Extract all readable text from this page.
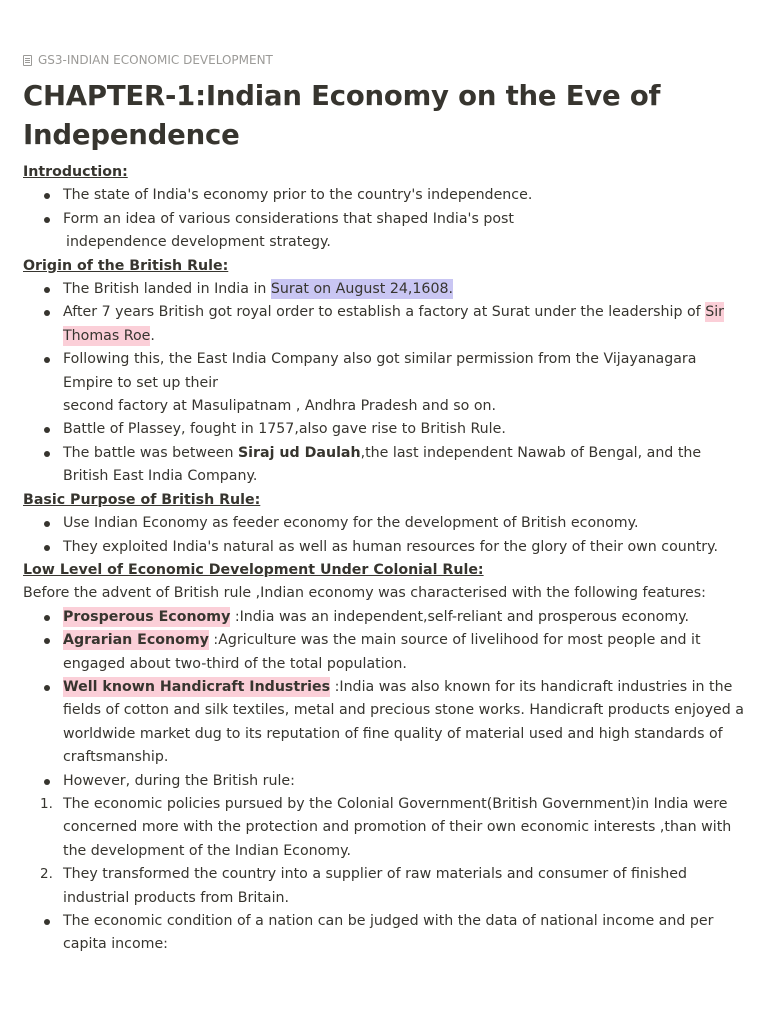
GS3-INDIAN ECONOMIC DEVELOPMENT
CHAPTER-1:Indian Economy on the Eve of Independence

Introduction:

The state of India's economy prior to the country's independence.
Form an idea of various considerations that shaped India's post
independence development strategy.

Origin of the British Rule:

The British landed in India in Surat on August 24,1608.
After 7 years British got royal order to establish a factory at Surat under the leadership of Sir Thomas Roe.
Following this, the East India Company also got similar permission from the Vijayanagara Empire to set up their
second factory at Masulipatnam , Andhra Pradesh and so on.
Battle of Plassey, fought in 1757,also gave rise to British Rule.
The battle was between Siraj ud Daulah,the last independent Nawab of Bengal, and the British East India Company.

Basic Purpose of British Rule:

Use Indian Economy as feeder economy for the development of British economy.
They exploited India's natural as well as human resources for the glory of their own country.

Low Level of Economic Development Under Colonial Rule:

Before the advent of British rule ,Indian economy was characterised with the following features:

Prosperous Economy :India was an independent,self-reliant and prosperous economy.
Agrarian Economy :Agriculture was the main source of livelihood for most people and it engaged about two-third of the total population.
Well known Handicraft Industries :India was also known for its handicraft industries in the fields of cotton and silk textiles, metal and precious stone works. Handicraft products enjoyed a worldwide market dug to its reputation of fine quality of material used and high standards of craftsmanship.
However, during the British rule:
1. The economic policies pursued by the Colonial Government(British Government)in India were concerned more with the protection and promotion of their own economic interests ,than with the development of the Indian Economy.
2. They transformed the country into a supplier of raw materials and consumer of finished industrial products from Britain.
The economic condition of a nation can be judged with the data of national income and per capita income:
